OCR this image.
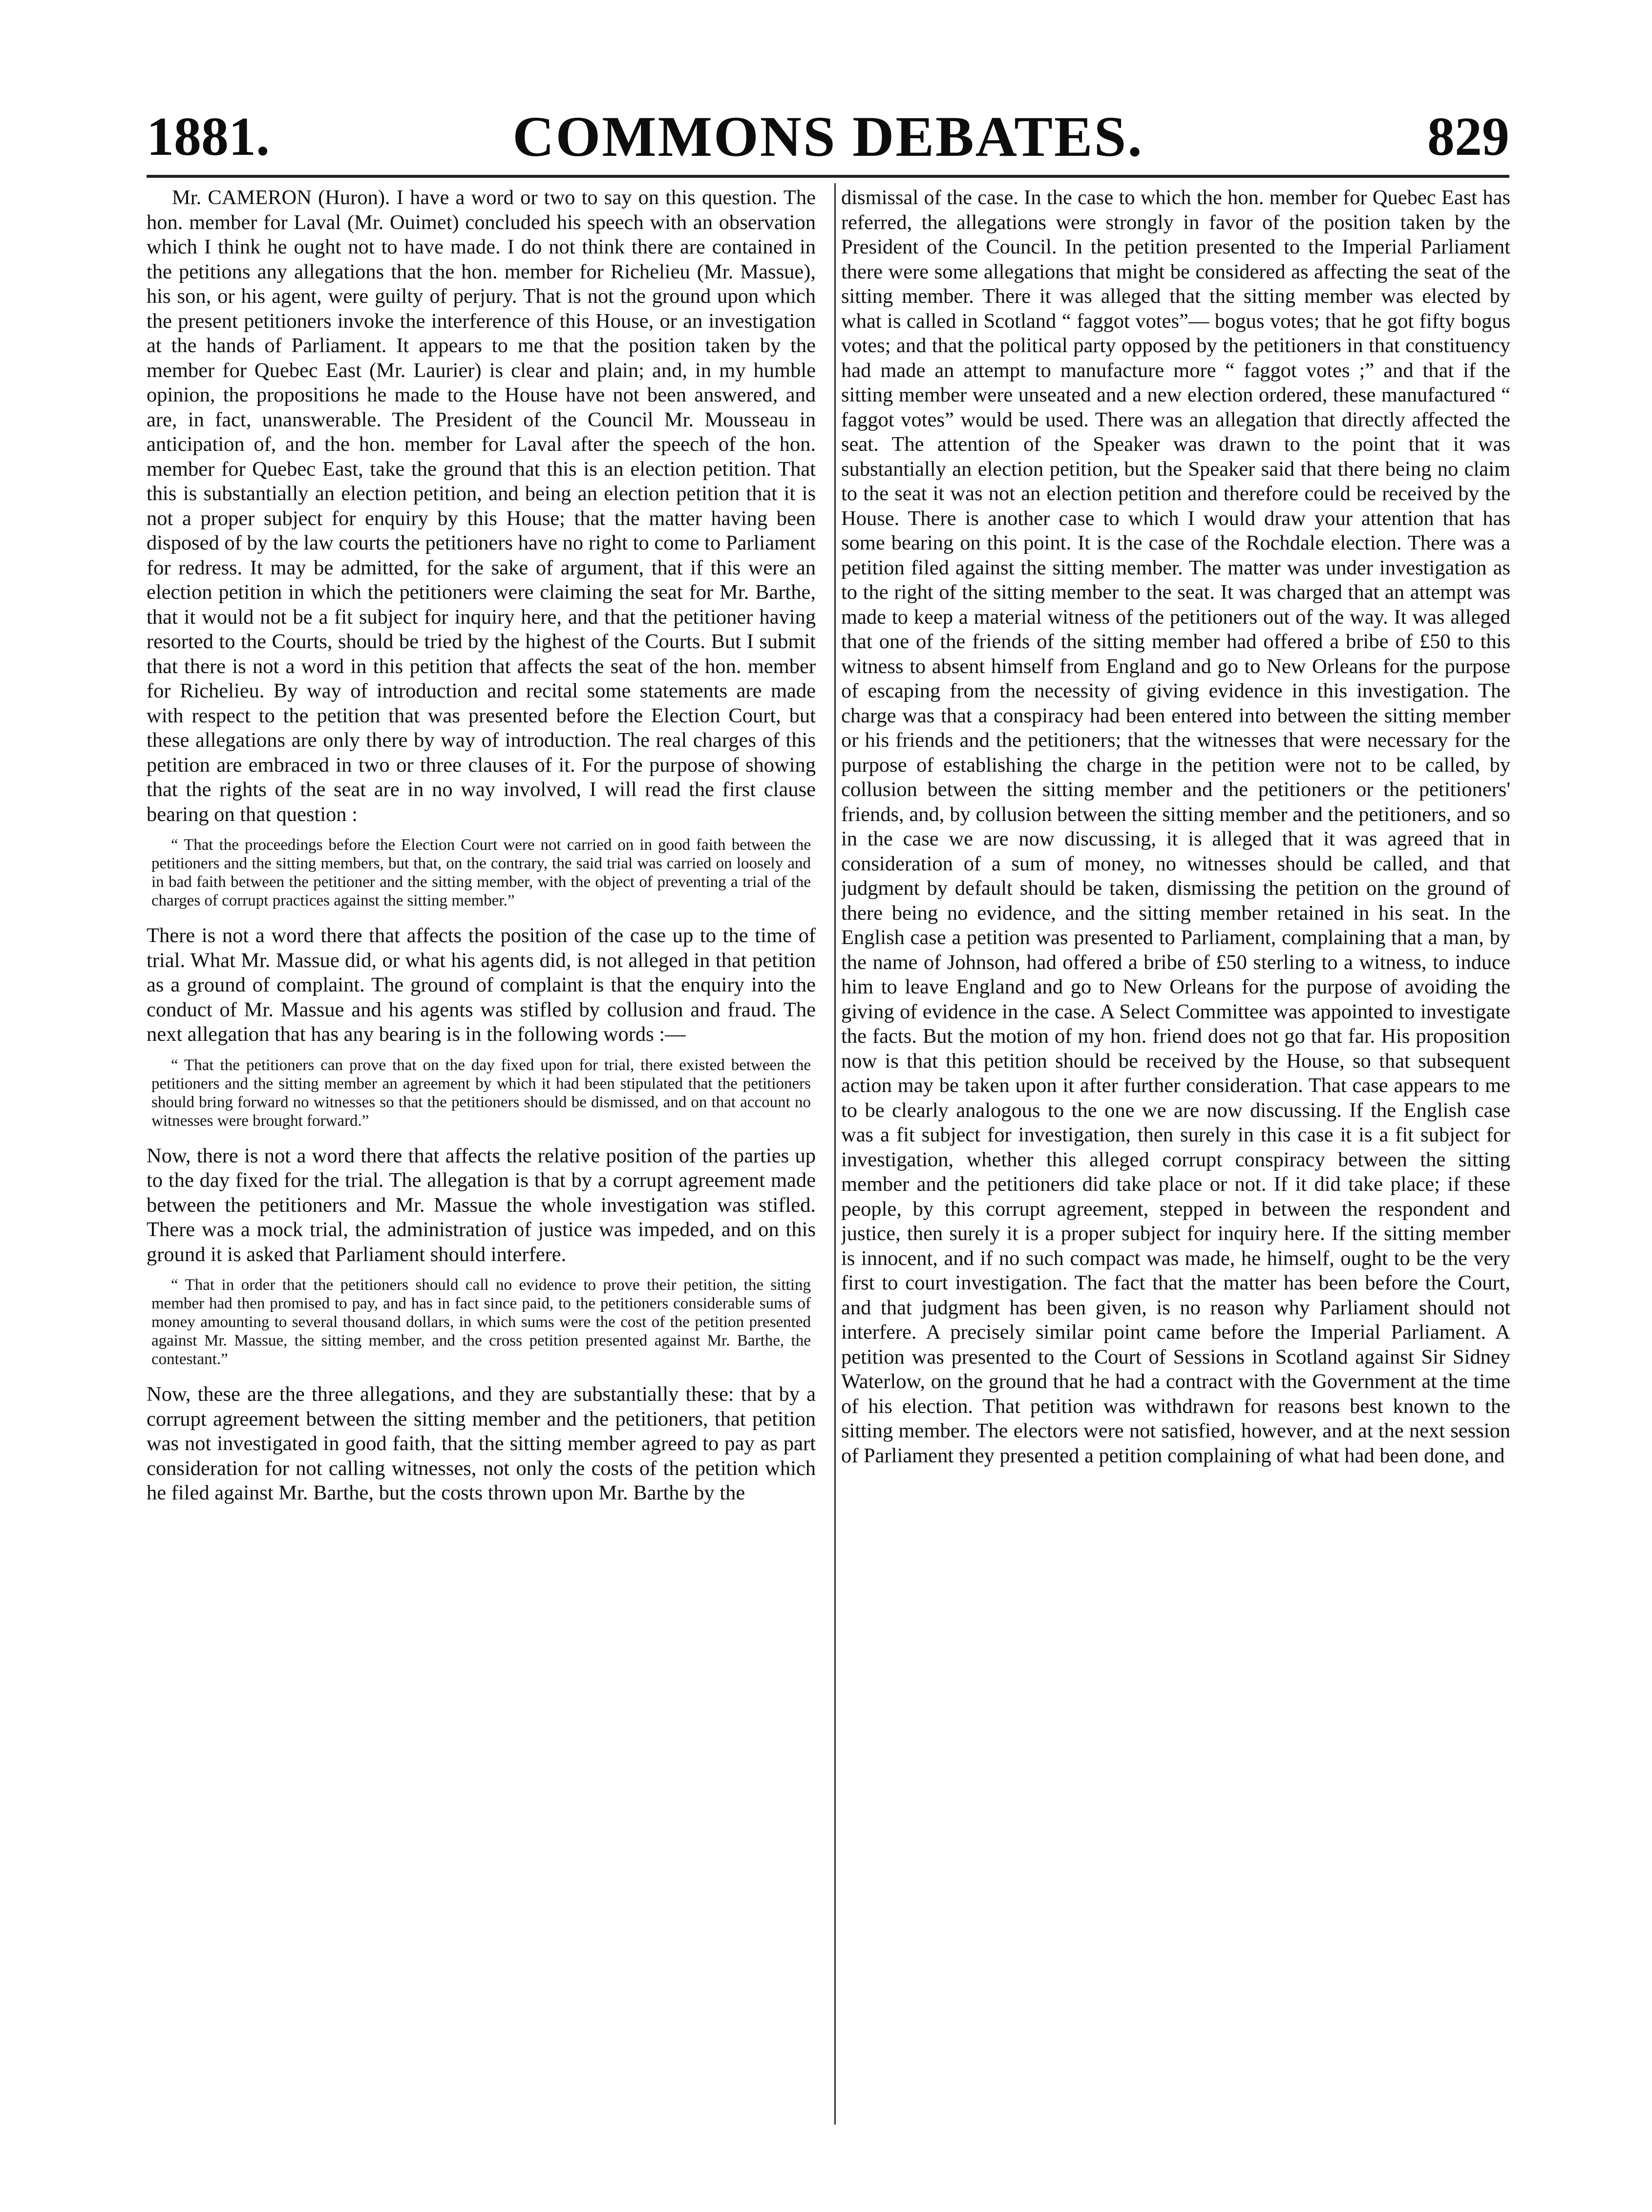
1881.	COMMONS DEBATES.	829

Mr. CAMERON (Huron). I have a word or two to say on this question. The hon. member for Laval (Mr. Ouimet) concluded his speech with an observation which I think he ought not to have made. I do not think there are contained in the petitions any allegations that the hon. member for Richelieu (Mr. Massue), his son, or his agent, were guilty of perjury. That is not the ground upon which the present petitioners invoke the interference of this House, or an investigation at the hands of Parliament. It appears to me that the position taken by the member for Quebec East (Mr. Laurier) is clear and plain; and, in my humble opinion, the propositions he made to the House have not been answered, and are, in fact, unanswerable. The President of the Council Mr. Mousseau in anticipation of, and the hon. member for Laval after the speech of the hon. member for Quebec East, take the ground that this is an election petition. That this is substantially an election petition, and being an election petition that it is not a proper subject for enquiry by this House; that the matter having been disposed of by the law courts the petitioners have no right to come to Parliament for redress. It may be admitted, for the sake of argument, that if this were an election petition in which the petitioners were claiming the seat for Mr. Barthe, that it would not be a fit subject for inquiry here, and that the petitioner having resorted to the Courts, should be tried by the highest of the Courts. But I submit that there is not a word in this petition that affects the seat of the hon. member for Richelieu. By way of introduction and recital some statements are made with respect to the petition that was presented before the Election Court, but these allegations are only there by way of introduction. The real charges of this petition are embraced in two or three clauses of it. For the purpose of showing that the rights of the seat are in no way involved, I will read the first clause bearing on that question :

“ That the proceedings before the Election Court were not carried on in good faith between the petitioners and the sitting members, but that, on the contrary, the said trial was carried on loosely and in bad faith between the petitioner and the sitting member, with the object of preventing a trial of the charges of corrupt practices against the sitting member.”

There is not a word there that affects the position of the case up to the time of trial. What Mr. Massue did, or what his agents did, is not alleged in that petition as a ground of complaint. The ground of complaint is that the enquiry into the conduct of Mr. Massue and his agents was stifled by collusion and fraud. The next allegation that has any bearing is in the following words :—

“ That the petitioners can prove that on the day fixed upon for trial, there existed between the petitioners and the sitting member an agreement by which it had been stipulated that the petitioners should bring forward no witnesses so that the petitioners should be dismissed, and on that account no witnesses were brought forward.”

Now, there is not a word there that affects the relative position of the parties up to the day fixed for the trial. The allegation is that by a corrupt agreement made between the petitioners and Mr. Massue the whole investigation was stifled. There was a mock trial, the administration of justice was impeded, and on this ground it is asked that Parliament should interfere.

“ That in order that the petitioners should call no evidence to prove their petition, the sitting member had then promised to pay, and has in fact since paid, to the petitioners considerable sums of money amounting to several thousand dollars, in which sums were the cost of the petition presented against Mr. Massue, the sitting member, and the cross petition presented against Mr. Barthe, the contestant.”

Now, these are the three allegations, and they are substantially these: that by a corrupt agreement between the sitting member and the petitioners, that petition was not investigated in good faith, that the sitting member agreed to pay as part consideration for not calling witnesses, not only the costs of the petition which he filed against Mr. Barthe, but the costs thrown upon Mr. Barthe by the

dismissal of the case. In the case to which the hon. member for Quebec East has referred, the allegations were strongly in favor of the position taken by the President of the Council. In the petition presented to the Imperial Parliament there were some allegations that might be considered as affecting the seat of the sitting member. There it was alleged that the sitting member was elected by what is called in Scotland “ faggot votes”— bogus votes; that he got fifty bogus votes; and that the political party opposed by the petitioners in that constituency had made an attempt to manufacture more “ faggot votes ;” and that if the sitting member were unseated and a new election ordered, these manufactured “ faggot votes” would be used. There was an allegation that directly affected the seat. The attention of the Speaker was drawn to the point that it was substantially an election petition, but the Speaker said that there being no claim to the seat it was not an election petition and therefore could be received by the House. There is another case to which I would draw your attention that has some bearing on this point. It is the case of the Rochdale election. There was a petition filed against the sitting member. The matter was under investigation as to the right of the sitting member to the seat. It was charged that an attempt was made to keep a material witness of the petitioners out of the way. It was alleged that one of the friends of the sitting member had offered a bribe of £50 to this witness to absent himself from England and go to New Orleans for the purpose of escaping from the necessity of giving evidence in this investigation. The charge was that a conspiracy had been entered into between the sitting member or his friends and the petitioners; that the witnesses that were necessary for the purpose of establishing the charge in the petition were not to be called, by collusion between the sitting member and the petitioners or the petitioners' friends, and, by collusion between the sitting member and the petitioners, and so in the case we are now discussing, it is alleged that it was agreed that in consideration of a sum of money, no witnesses should be called, and that judgment by default should be taken, dismissing the petition on the ground of there being no evidence, and the sitting member retained in his seat. In the English case a petition was presented to Parliament, complaining that a man, by the name of Johnson, had offered a bribe of £50 sterling to a witness, to induce him to leave England and go to New Orleans for the purpose of avoiding the giving of evidence in the case. A Select Committee was appointed to investigate the facts. But the motion of my hon. friend does not go that far. His proposition now is that this petition should be received by the House, so that subsequent action may be taken upon it after further consideration. That case appears to me to be clearly analogous to the one we are now discussing. If the English case was a fit subject for investigation, then surely in this case it is a fit subject for investigation, whether this alleged corrupt conspiracy between the sitting member and the petitioners did take place or not. If it did take place; if these people, by this corrupt agreement, stepped in between the respondent and justice, then surely it is a proper subject for inquiry here. If the sitting member is innocent, and if no such compact was made, he himself, ought to be the very first to court investigation. The fact that the matter has been before the Court, and that judgment has been given, is no reason why Parliament should not interfere. A precisely similar point came before the Imperial Parliament. A petition was presented to the Court of Sessions in Scotland against Sir Sidney Waterlow, on the ground that he had a contract with the Government at the time of his election. That petition was withdrawn for reasons best known to the sitting member. The electors were not satisfied, however, and at the next session of Parliament they presented a petition complaining of what had been done, and
